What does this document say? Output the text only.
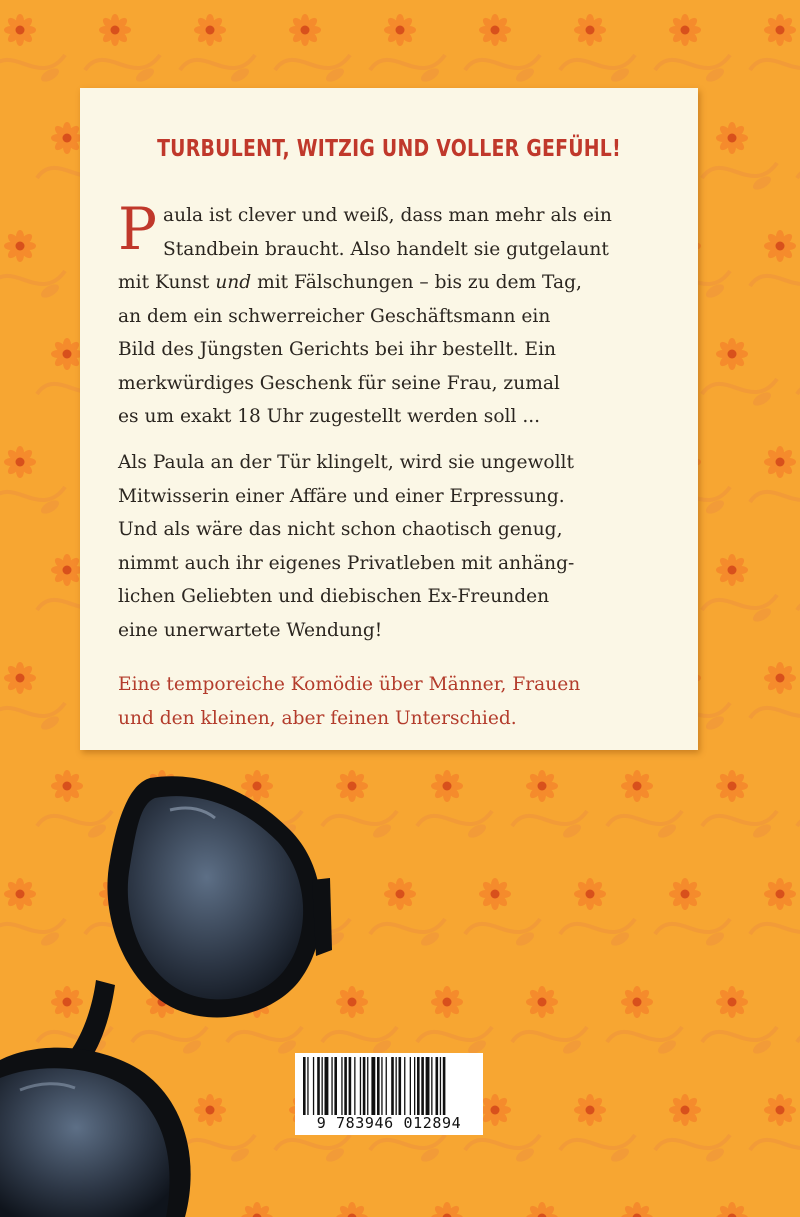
TURBULENT, WITZIG UND VOLLER GEFÜHL!

P aula ist clever und weiß, dass man mehr als ein
Standbein braucht. Also handelt sie gutgelaunt
mit Kunst und mit Fälschungen – bis zu dem Tag,
an dem ein schwerreicher Geschäftsmann ein
Bild des Jüngsten Gerichts bei ihr bestellt. Ein
merkwürdiges Geschenk für seine Frau, zumal
es um exakt 18 Uhr zugestellt werden soll ...

Als Paula an der Tür klingelt, wird sie ungewollt
Mitwisserin einer Affäre und einer Erpressung.
Und als wäre das nicht schon chaotisch genug,
nimmt auch ihr eigenes Privatleben mit anhäng-
lichen Geliebten und diebischen Ex-Freunden
eine unerwartete Wendung!

Eine temporeiche Komödie über Männer, Frauen
und den kleinen, aber feinen Unterschied.

9 783946 012894
